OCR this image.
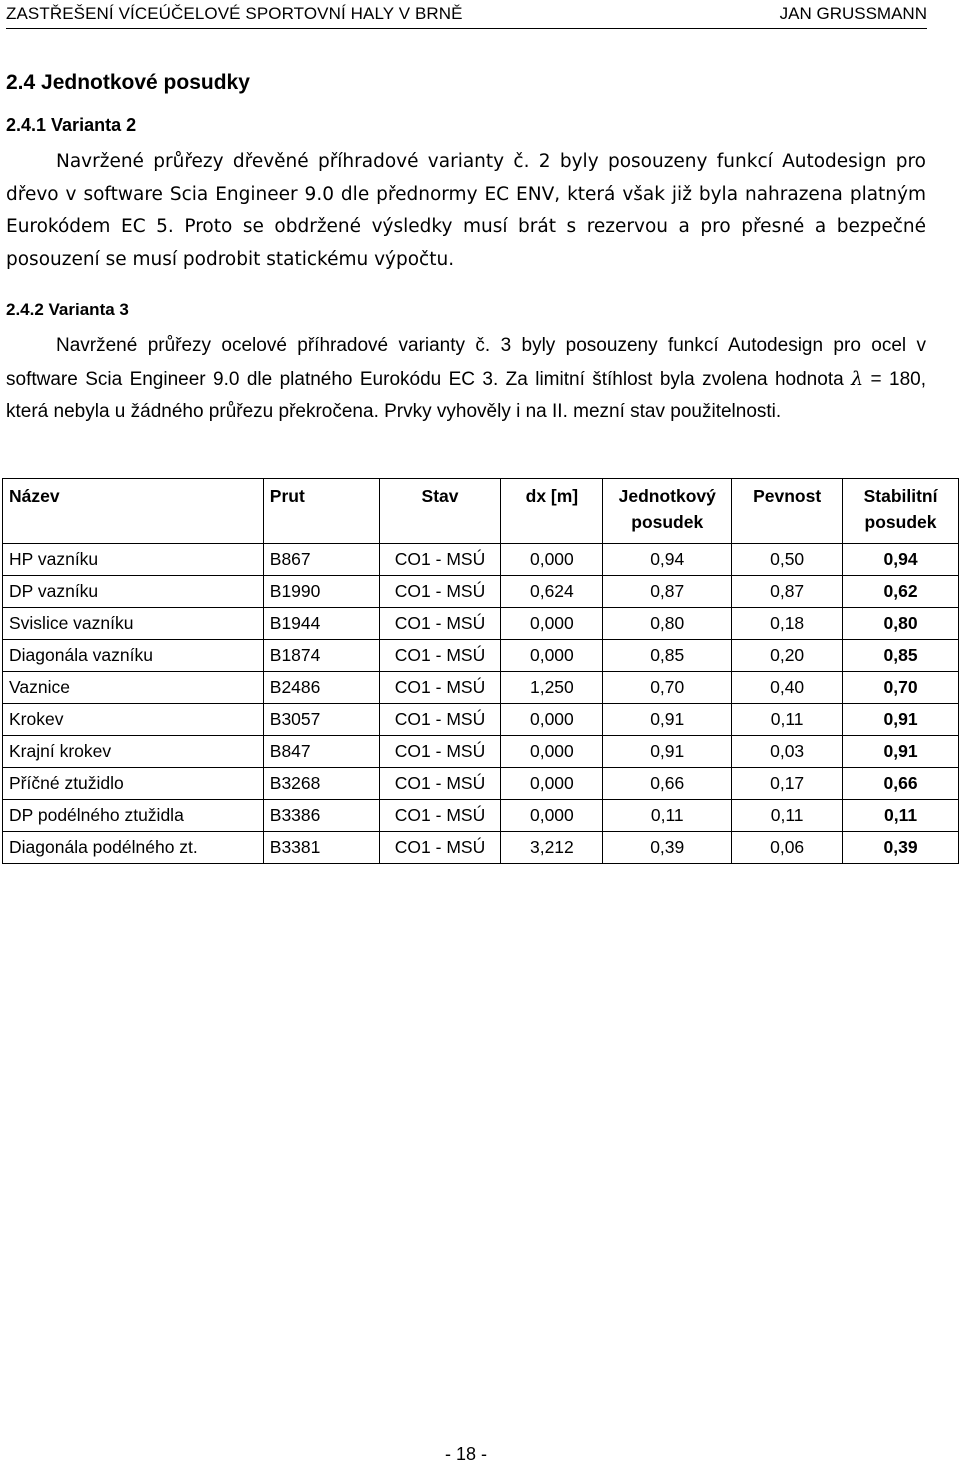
ZASTŘEŠENÍ VÍCEÚČELOVÉ SPORTOVNÍ HALY V BRNĚ	JAN GRUSSMANN
2.4 Jednotkové posudky
2.4.1 Varianta 2
Navržené průřezy dřevěné příhradové varianty č. 2 byly posouzeny funkcí Autodesign pro dřevo v software Scia Engineer 9.0 dle přednormy EC ENV, která však již byla nahrazena platným Eurokódem EC 5. Proto se obdržené výsledky musí brát s rezervou a pro přesné a bezpečné posouzení se musí podrobit statickému výpočtu.
2.4.2 Varianta 3
Navržené průřezy ocelové příhradové varianty č. 3 byly posouzeny funkcí Autodesign pro ocel v software Scia Engineer 9.0 dle platného Eurokódu EC 3. Za limitní štíhlost byla zvolena hodnota λ = 180, která nebyla u žádného průřezu překročena. Prvky vyhověly i na II. mezní stav použitelnosti.
Název	Prut	Stav	dx [m]	Jednotkový posudek	Pevnost	Stabilitní posudek
HP vazníku	B867	CO1 - MSÚ	0,000	0,94	0,50	0,94
DP vazníku	B1990	CO1 - MSÚ	0,624	0,87	0,87	0,62
Svislice vazníku	B1944	CO1 - MSÚ	0,000	0,80	0,18	0,80
Diagonála vazníku	B1874	CO1 - MSÚ	0,000	0,85	0,20	0,85
Vaznice	B2486	CO1 - MSÚ	1,250	0,70	0,40	0,70
Krokev	B3057	CO1 - MSÚ	0,000	0,91	0,11	0,91
Krajní krokev	B847	CO1 - MSÚ	0,000	0,91	0,03	0,91
Příčné ztužidlo	B3268	CO1 - MSÚ	0,000	0,66	0,17	0,66
DP podélného ztužidla	B3386	CO1 - MSÚ	0,000	0,11	0,11	0,11
Diagonála podélného zt.	B3381	CO1 - MSÚ	3,212	0,39	0,06	0,39
- 18 -
